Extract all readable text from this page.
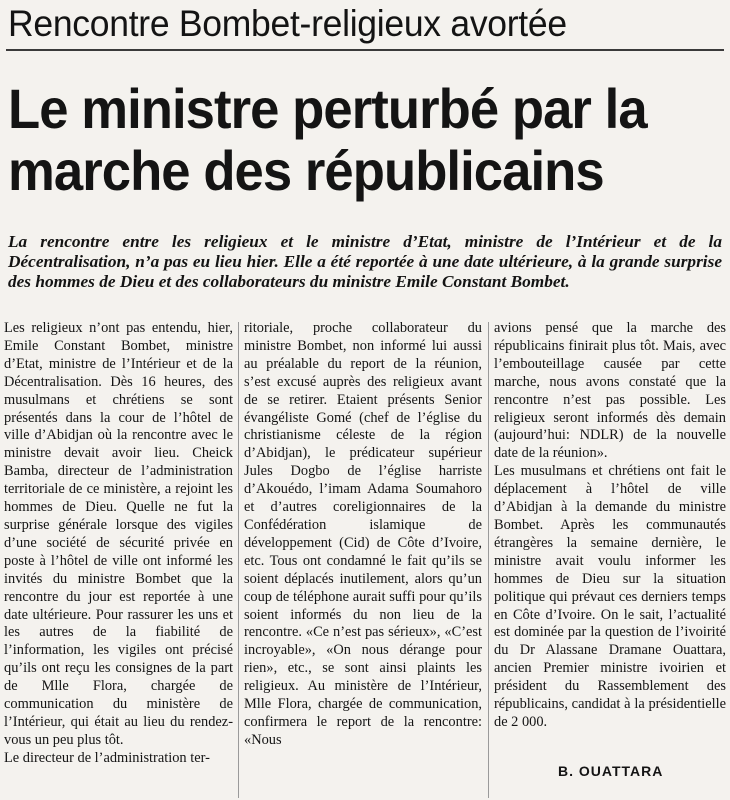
Rencontre Bombet-religieux avortée
Le ministre perturbé par la
marche des républicains
La rencontre entre les religieux et le ministre d’Etat, ministre de l’Intérieur et de la Décentralisation, n’a pas eu lieu hier. Elle a été reportée à une date ultérieure, à la grande surprise des hommes de Dieu et des collaborateurs du ministre Emile Constant Bombet.

Les religieux n’ont pas entendu, hier, Emile Constant Bombet, ministre d’Etat, ministre de l’Intérieur et de la Décentralisation. Dès 16 heures, des musulmans et chrétiens se sont présentés dans la cour de l’hôtel de ville d’Abidjan où la rencontre avec le ministre devait avoir lieu. Cheick Bamba, directeur de l’administration territoriale de ce ministère, a rejoint les hommes de Dieu. Quelle ne fut la surprise générale lorsque des vigiles d’une société de sécurité privée en poste à l’hôtel de ville ont informé les invités du ministre Bombet que la rencontre du jour est reportée à une date ultérieure. Pour rassurer les uns et les autres de la fiabilité de l’information, les vigiles ont précisé qu’ils ont reçu les consignes de la part de Mlle Flora, chargée de communication du ministère de l’Intérieur, qui était au lieu du rendez-vous un peu plus tôt.

Le directeur de l’administration ter-

ritoriale, proche collaborateur du ministre Bombet, non informé lui aussi au préalable du report de la réunion, s’est excusé auprès des religieux avant de se retirer. Etaient présents Senior évangéliste Gomé (chef de l’église du christianisme céleste de la région d’Abidjan), le prédicateur supérieur Jules Dogbo de l’église harriste d’Akouédo, l’imam Adama Soumahoro et d’autres coreligionnaires de la Confédération islamique de développement (Cid) de Côte d’Ivoire, etc. Tous ont condamné le fait qu’ils se soient déplacés inutilement, alors qu’un coup de téléphone aurait suffi pour qu’ils soient informés du non lieu de la rencontre. «Ce n’est pas sérieux», «C’est incroyable», «On nous dérange pour rien», etc., se sont ainsi plaints les religieux. Au ministère de l’Intérieur, Mlle Flora, chargée de communication, confirmera le report de la rencontre: «Nous

avions pensé que la marche des républicains finirait plus tôt. Mais, avec l’embouteillage causée par cette marche, nous avons constaté que la rencontre n’est pas possible. Les religieux seront informés dès demain (aujourd’hui: NDLR) de la nouvelle date de la réunion».

Les musulmans et chrétiens ont fait le déplacement à l’hôtel de ville d’Abidjan à la demande du ministre Bombet. Après les communautés étrangères la semaine dernière, le ministre avait voulu informer les hommes de Dieu sur la situation politique qui prévaut ces derniers temps en Côte d’Ivoire. On le sait, l’actualité est dominée par la question de l’ivoirité du Dr Alassane Dramane Ouattara, ancien Premier ministre ivoirien et président du Rassemblement des républicains, candidat à la présidentielle de 2 000.

B. OUATTARA
